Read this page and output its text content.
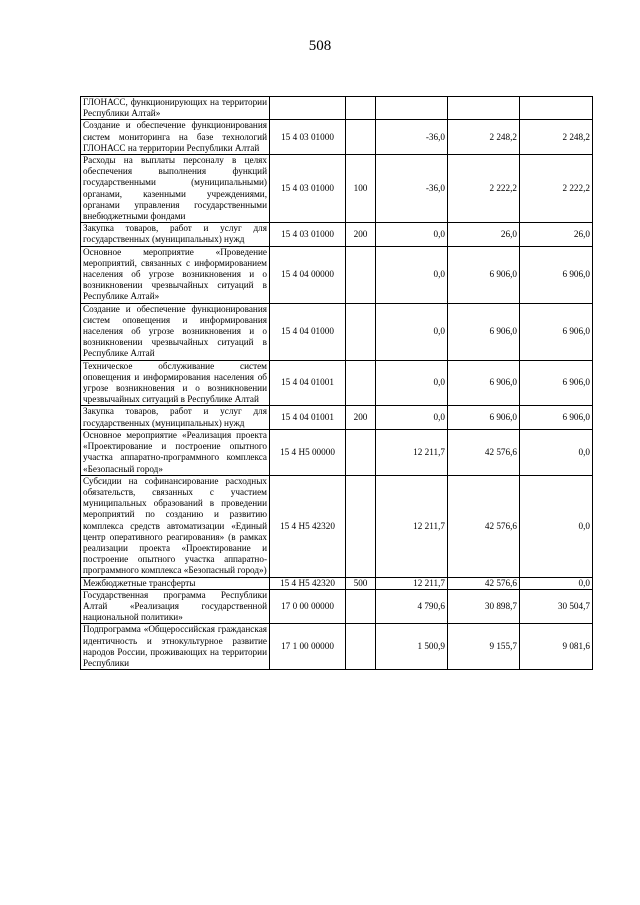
508
ГЛОНАСС, функционирующих на территории Республики Алтай»					
Создание и обеспечение функционирования систем мониторинга на базе технологий ГЛОНАСС на территории Республики Алтай	15 4 03 01000		-36,0	2 248,2	2 248,2
Расходы на выплаты персоналу в целях обеспечения выполнения функций государственными (муниципальными) органами, казенными учреждениями, органами управления государственными внебюджетными фондами	15 4 03 01000	100	-36,0	2 222,2	2 222,2
Закупка товаров, работ и услуг для государственных (муниципальных) нужд	15 4 03 01000	200	0,0	26,0	26,0
Основное мероприятие «Проведение мероприятий, связанных с информированием населения об угрозе возникновения и о возникновении чрезвычайных ситуаций в Республике Алтай»	15 4 04 00000		0,0	6 906,0	6 906,0
Создание и обеспечение функционирования систем оповещения и информирования населения об угрозе возникновения и о возникновении чрезвычайных ситуаций в Республике Алтай	15 4 04 01000		0,0	6 906,0	6 906,0
Техническое обслуживание систем оповещения и информирования населения об угрозе возникновения и о возникновении чрезвычайных ситуаций в Республике Алтай	15 4 04 01001		0,0	6 906,0	6 906,0
Закупка товаров, работ и услуг для государственных (муниципальных) нужд	15 4 04 01001	200	0,0	6 906,0	6 906,0
Основное мероприятие «Реализация проекта «Проектирование и построение опытного участка аппаратно-программного комплекса «Безопасный город»	15 4 H5 00000		12 211,7	42 576,6	0,0
Субсидии на софинансирование расходных обязательств, связанных с участием муниципальных образований в проведении мероприятий по созданию и развитию комплекса средств автоматизации «Единый центр оперативного реагирования» (в рамках реализации проекта «Проектирование и построение опытного участка аппаратно-программного комплекса «Безопасный город»)	15 4 H5 42320		12 211,7	42 576,6	0,0
Межбюджетные трансферты	15 4 H5 42320	500	12 211,7	42 576,6	0,0
Государственная программа Республики Алтай «Реализация государственной национальной политики»	17 0 00 00000		4 790,6	30 898,7	30 504,7
Подпрограмма «Общероссийская гражданская идентичность и этнокультурное развитие народов России, проживающих на территории Республики	17 1 00 00000		1 500,9	9 155,7	9 081,6
